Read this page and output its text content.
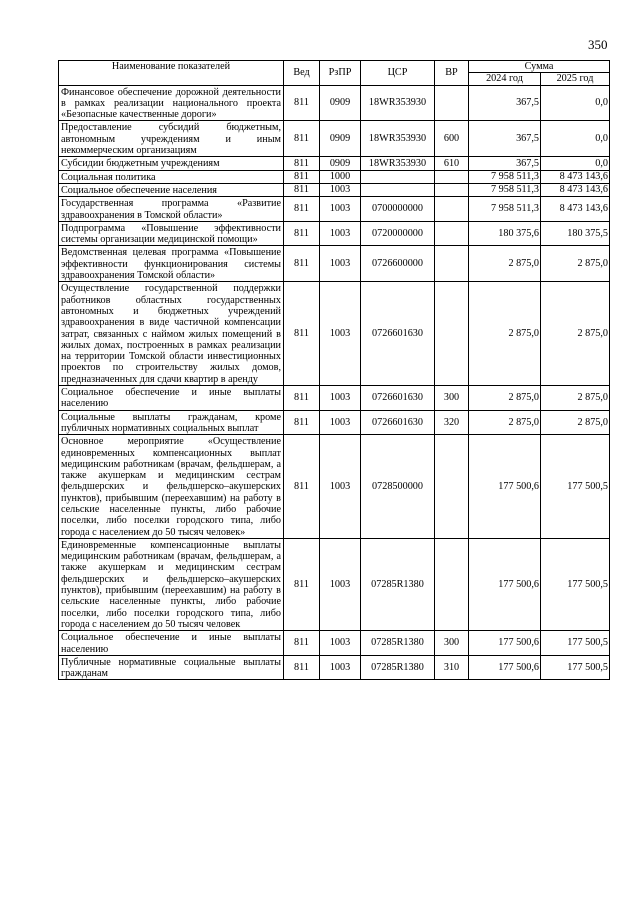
350
Наименование показателей	Вед	РзПР	ЦСР	ВР	Сумма	
					2024 год	2025 год
Финансовое обеспечение дорожной деятельности в рамках реализации национального проекта «Безопасные качественные дороги»	811	0909	18WR353930		367,5	0,0
Предоставление субсидий бюджетным, автономным учреждениям и иным некоммерческим организациям	811	0909	18WR353930	600	367,5	0,0
Субсидии бюджетным учреждениям	811	0909	18WR353930	610	367,5	0,0
Социальная политика	811	1000			7 958 511,3	8 473 143,6
Социальное обеспечение населения	811	1003			7 958 511,3	8 473 143,6
Государственная программа «Развитие здравоохранения в Томской области»	811	1003	0700000000		7 958 511,3	8 473 143,6
Подпрограмма «Повышение эффективности системы организации медицинской помощи»	811	1003	0720000000		180 375,6	180 375,5
Ведомственная целевая программа «Повышение эффективности функционирования системы здравоохранения Томской области»	811	1003	0726600000		2 875,0	2 875,0
Осуществление государственной поддержки работников областных государственных автономных и бюджетных учреждений здравоохранения в виде частичной компенсации затрат, связанных с наймом жилых помещений в жилых домах, построенных в рамках реализации на территории Томской области инвестиционных проектов по строительству жилых домов, предназначенных для сдачи квартир в аренду	811	1003	0726601630		2 875,0	2 875,0
Социальное обеспечение и иные выплаты населению	811	1003	0726601630	300	2 875,0	2 875,0
Социальные выплаты гражданам, кроме публичных нормативных социальных выплат	811	1003	0726601630	320	2 875,0	2 875,0
Основное мероприятие «Осуществление единовременных компенсационных выплат медицинским работникам (врачам, фельдшерам, а также акушеркам и медицинским сестрам фельдшерских и фельдшерско–акушерских пунктов), прибывшим (переехавшим) на работу в сельские населенные пункты, либо рабочие поселки, либо поселки городского типа, либо города с населением до 50 тысяч человек»	811	1003	0728500000		177 500,6	177 500,5
Единовременные компенсационные выплаты медицинским работникам (врачам, фельдшерам, а также акушеркам и медицинским сестрам фельдшерских и фельдшерско–акушерских пунктов), прибывшим (переехавшим) на работу в сельские населенные пункты, либо рабочие поселки, либо поселки городского типа, либо города с населением до 50 тысяч человек	811	1003	07285R1380		177 500,6	177 500,5
Социальное обеспечение и иные выплаты населению	811	1003	07285R1380	300	177 500,6	177 500,5
Публичные нормативные социальные выплаты гражданам	811	1003	07285R1380	310	177 500,6	177 500,5
